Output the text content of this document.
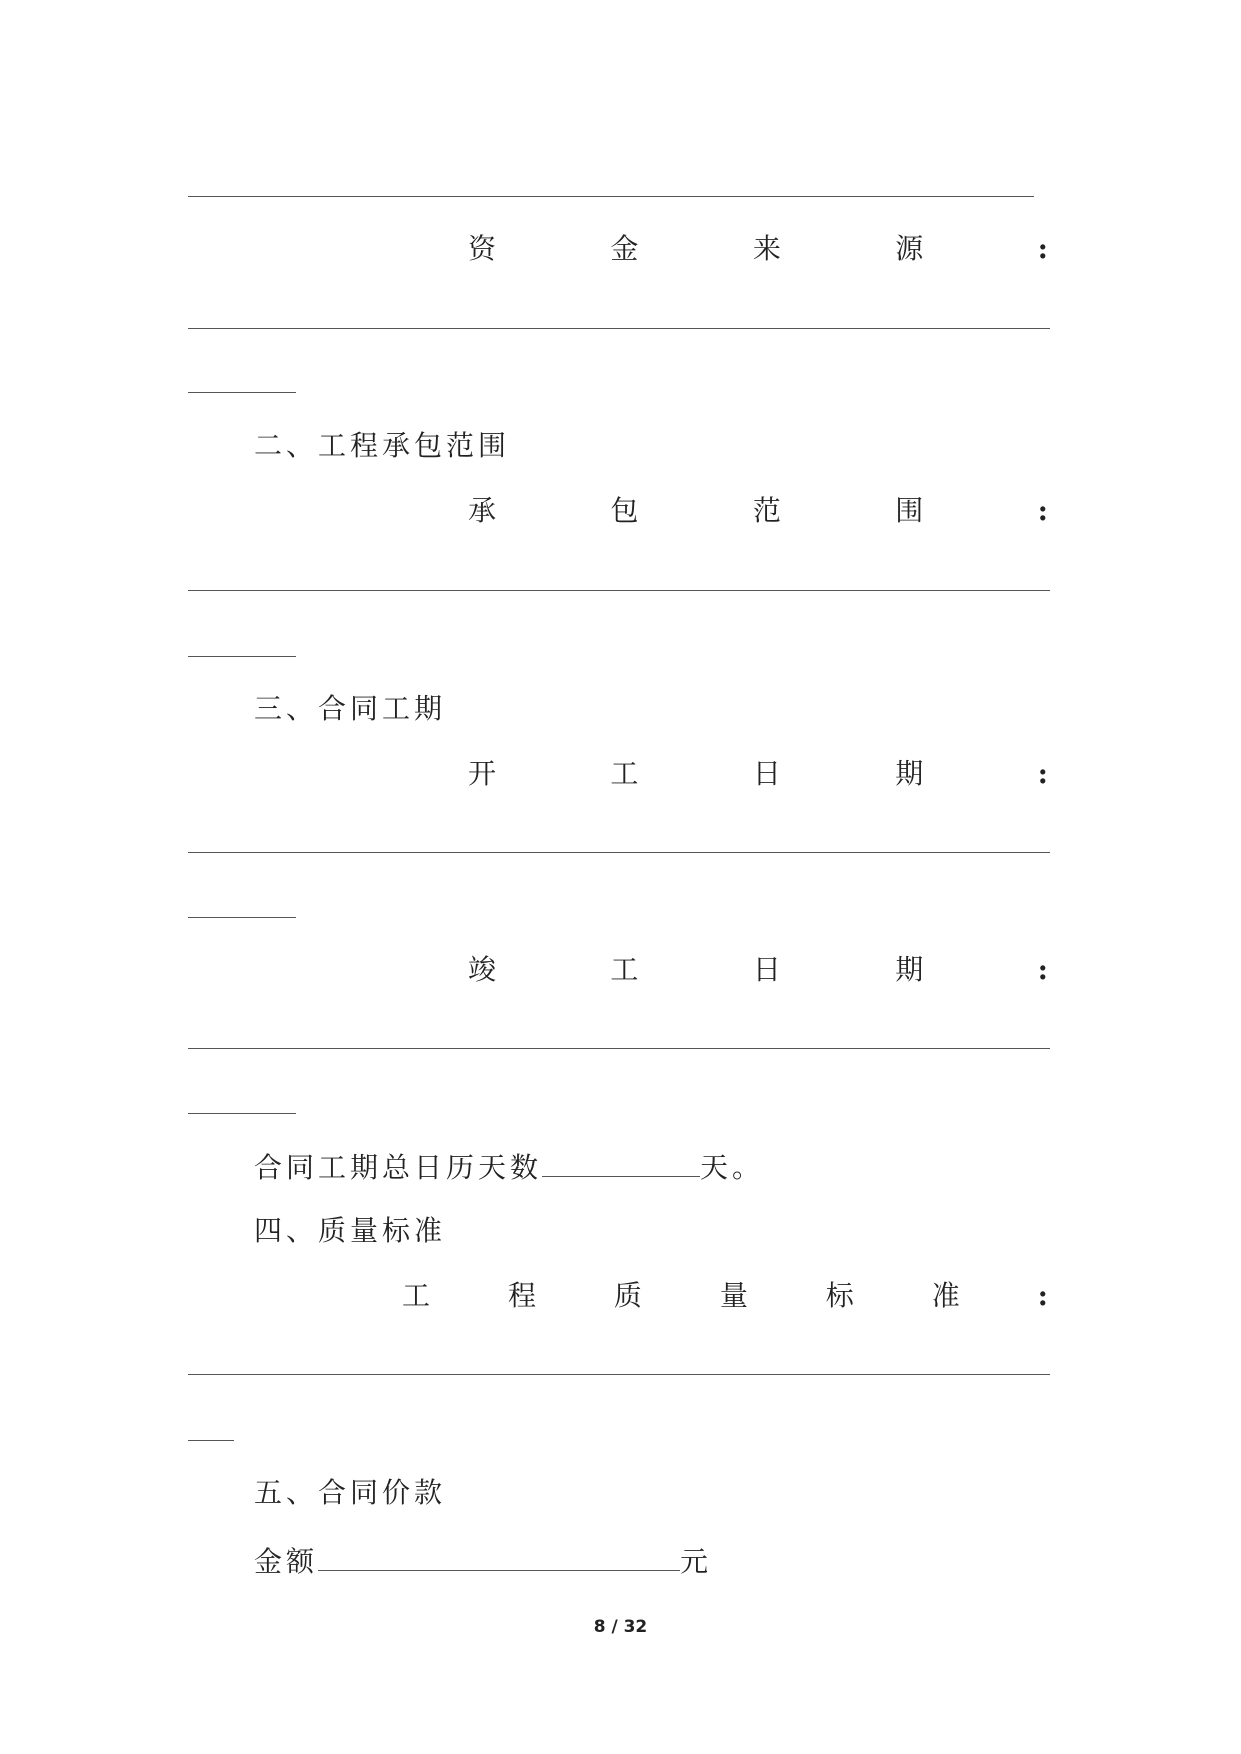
资	金	来	源	:
二、工程承包范围
承	包	范	围	:
三、合同工期
开	工	日	期	:
竣	工	日	期	:
合同工期总日历天数	天。
四、质量标准
工	程	质	量	标	准	:
五、合同价款
金额	元
8 / 32
